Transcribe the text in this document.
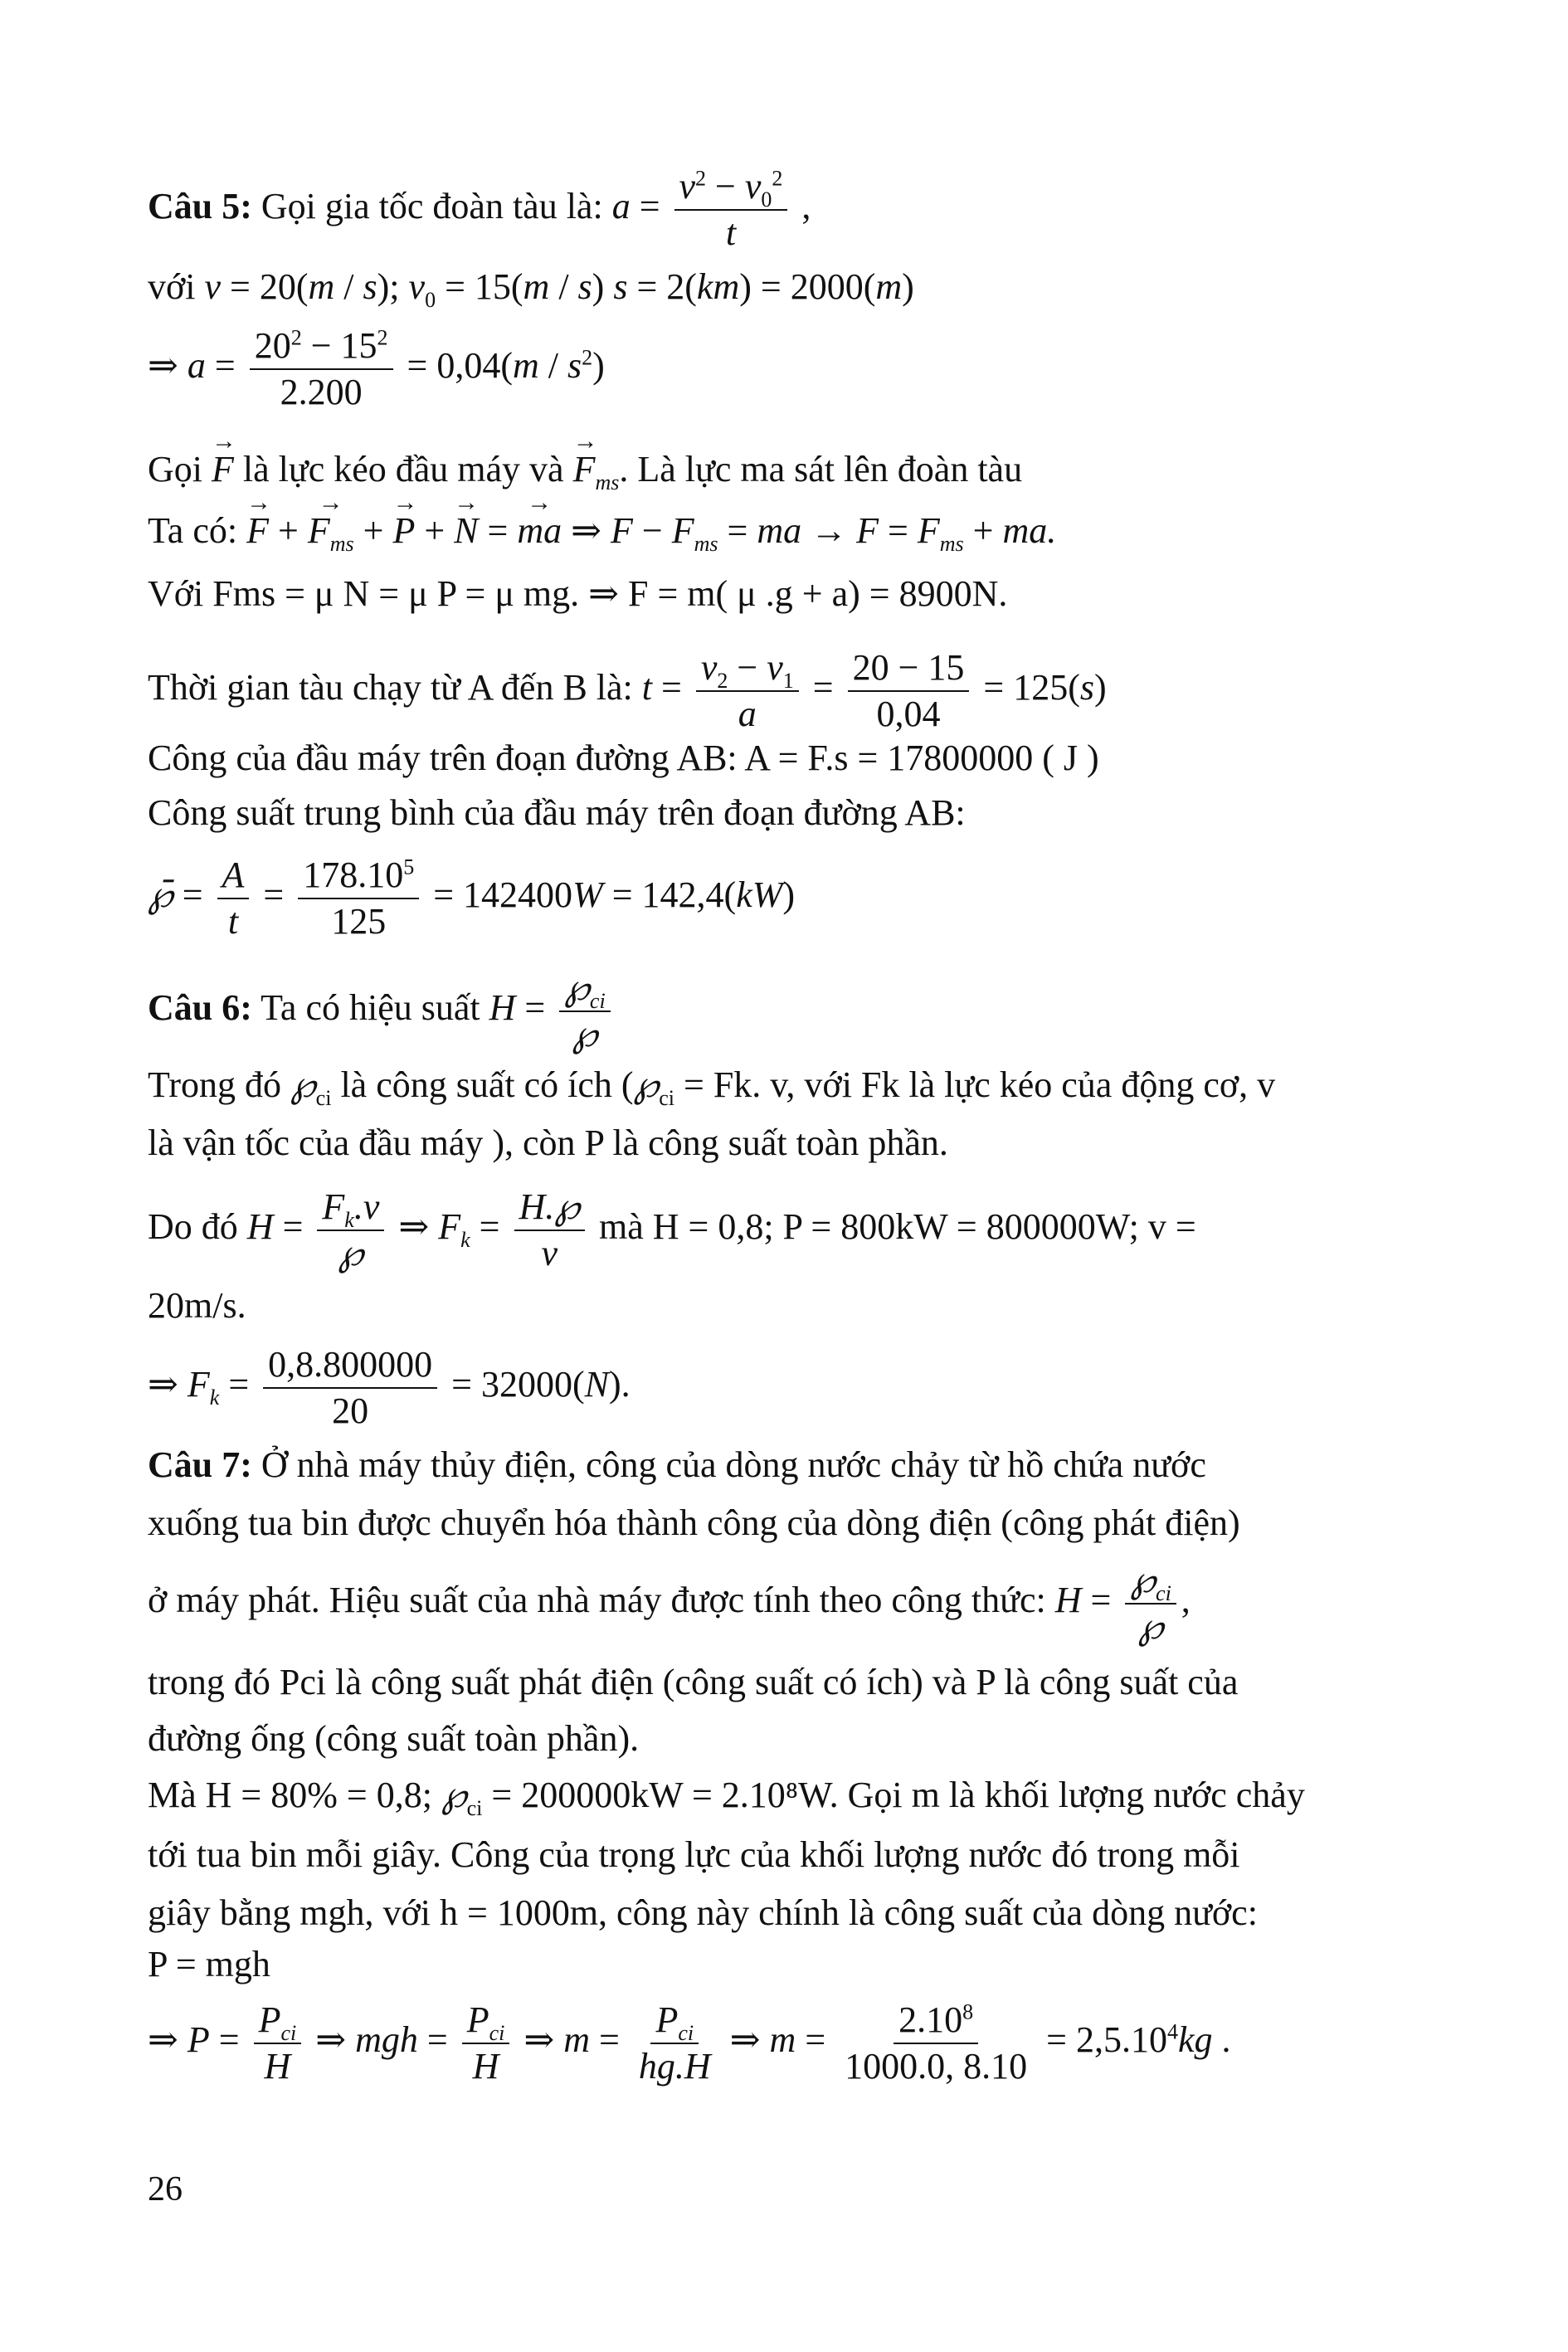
Câu 5: Gọi gia tốc đoàn tàu là: $a = \frac{v^2 - v_0^2}{t}$ ,
với v = 20(m / s); $v_0 = 15(m / s) s = 2(km) = 2000(m)$
⇒ $a = \frac{20^2 - 15^2}{2.200} = 0,04(m / s^2)$
Gọi → F là lực kéo đầu máy và → $F_{ms}$. Là lực ma sát lên đoàn tàu
Ta có: → F + → $F_{ms}$ + → P + → N = → ma ⇒ $F - F_{ms}$ = ma → $F = F_{ms}$ + ma.
Với Fms = μ N = μ P = μ mg. ⇒ F = m( μ .g + a) = 8900N.
Thời gian tàu chạy từ A đến B là: $t = \frac{v_2 - v_1}{a} = \frac{20 - 15}{0,04} = 125(s)$
Công của đầu máy trên đoạn đường AB: A = F.s = 17800000 ( J )
Công suất trung bình của đầu máy trên đoạn đường AB:
℘̄ = $\frac{A}{t} = \frac{178.10^5}{125} = 142400W = 142,4(kW)$
Câu 6: Ta có hiệu suất $H = \frac{℘_{ci}}{℘}$
Trong đó $℘_{ci}$ là công suất có ích ($℘_{ci} = Fk$. v, với Fk là lực kéo của động cơ, v
là vận tốc của đầu máy ), còn P là công suất toàn phần.
Do đó $H = \frac{F_k.v}{℘}$ ⇒ $F_k = \frac{H.℘}{v}$ mà H = 0,8; P = 800kW = 800000W; v =
20m/s.
⇒ $F_k = \frac{0,8.800000}{20} = 32000(N)$.
Câu 7: Ở nhà máy thủy điện, công của dòng nước chảy từ hồ chứa nước
xuống tua bin được chuyển hóa thành công của dòng điện (công phát điện)
ở máy phát. Hiệu suất của nhà máy được tính theo công thức: $H = \frac{℘_{ci}}{℘}$ ,
trong đó Pci là công suất phát điện (công suất có ích) và P là công suất của
đường ống (công suất toàn phần).
Mà H = 80% = 0,8; $℘_{ci} = 200000kW = 2.10^8W$. Gọi m là khối lượng nước chảy
tới tua bin mỗi giây. Công của trọng lực của khối lượng nước đó trong mỗi
giây bằng mgh, với h = 1000m, công này chính là công suất của dòng nước:
P = mgh
⇒ $P = \frac{P_{ci}}{H}$ ⇒ mgh = $\frac{P_{ci}}{H}$ ⇒ $m = \frac{P_{ci}}{hg.H}$ ⇒ $m = \frac{2.10^8}{1000.0, 8.10} = 2,5.10^4kg$ .
26
